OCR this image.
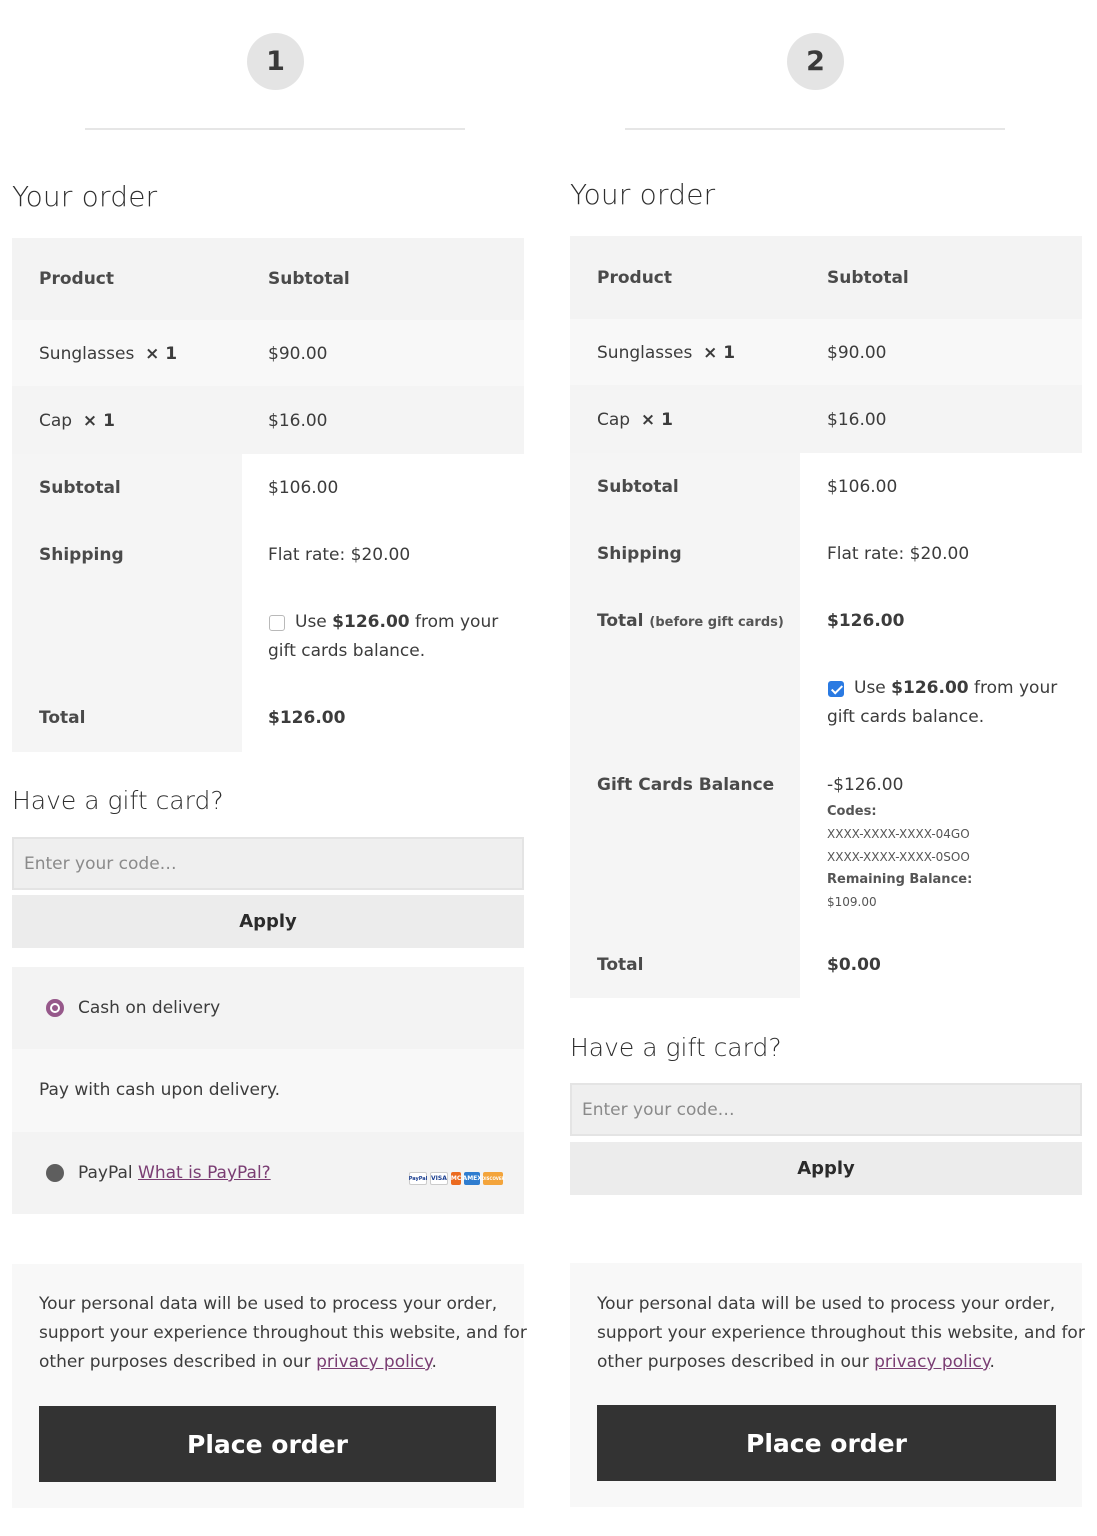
1
Your order
Product	Subtotal
Sunglasses × 1	$90.00
Cap × 1	$16.00
Subtotal	$106.00
Shipping	Flat rate: $20.00
Use $126.00 from your
gift cards balance.
Total	$126.00
Have a gift card?
Enter your code…
Apply
Cash on delivery
Pay with cash upon delivery.
PayPal What is PayPal?	PayPal VISA MC AMEX DISCOVER
Your personal data will be used to process your order,
support your experience throughout this website, and for
other purposes described in our privacy policy.
Place order
2
Your order
Product	Subtotal
Sunglasses × 1	$90.00
Cap × 1	$16.00
Subtotal	$106.00
Shipping	Flat rate: $20.00
Total (before gift cards)	$126.00
Use $126.00 from your
gift cards balance.
Gift Cards Balance	-$126.00
Codes:
XXXX-XXXX-XXXX-04GO
XXXX-XXXX-XXXX-0SOO
Remaining Balance:
$109.00
Total	$0.00
Have a gift card?
Enter your code…
Apply
Your personal data will be used to process your order,
support your experience throughout this website, and for
other purposes described in our privacy policy.
Place order
